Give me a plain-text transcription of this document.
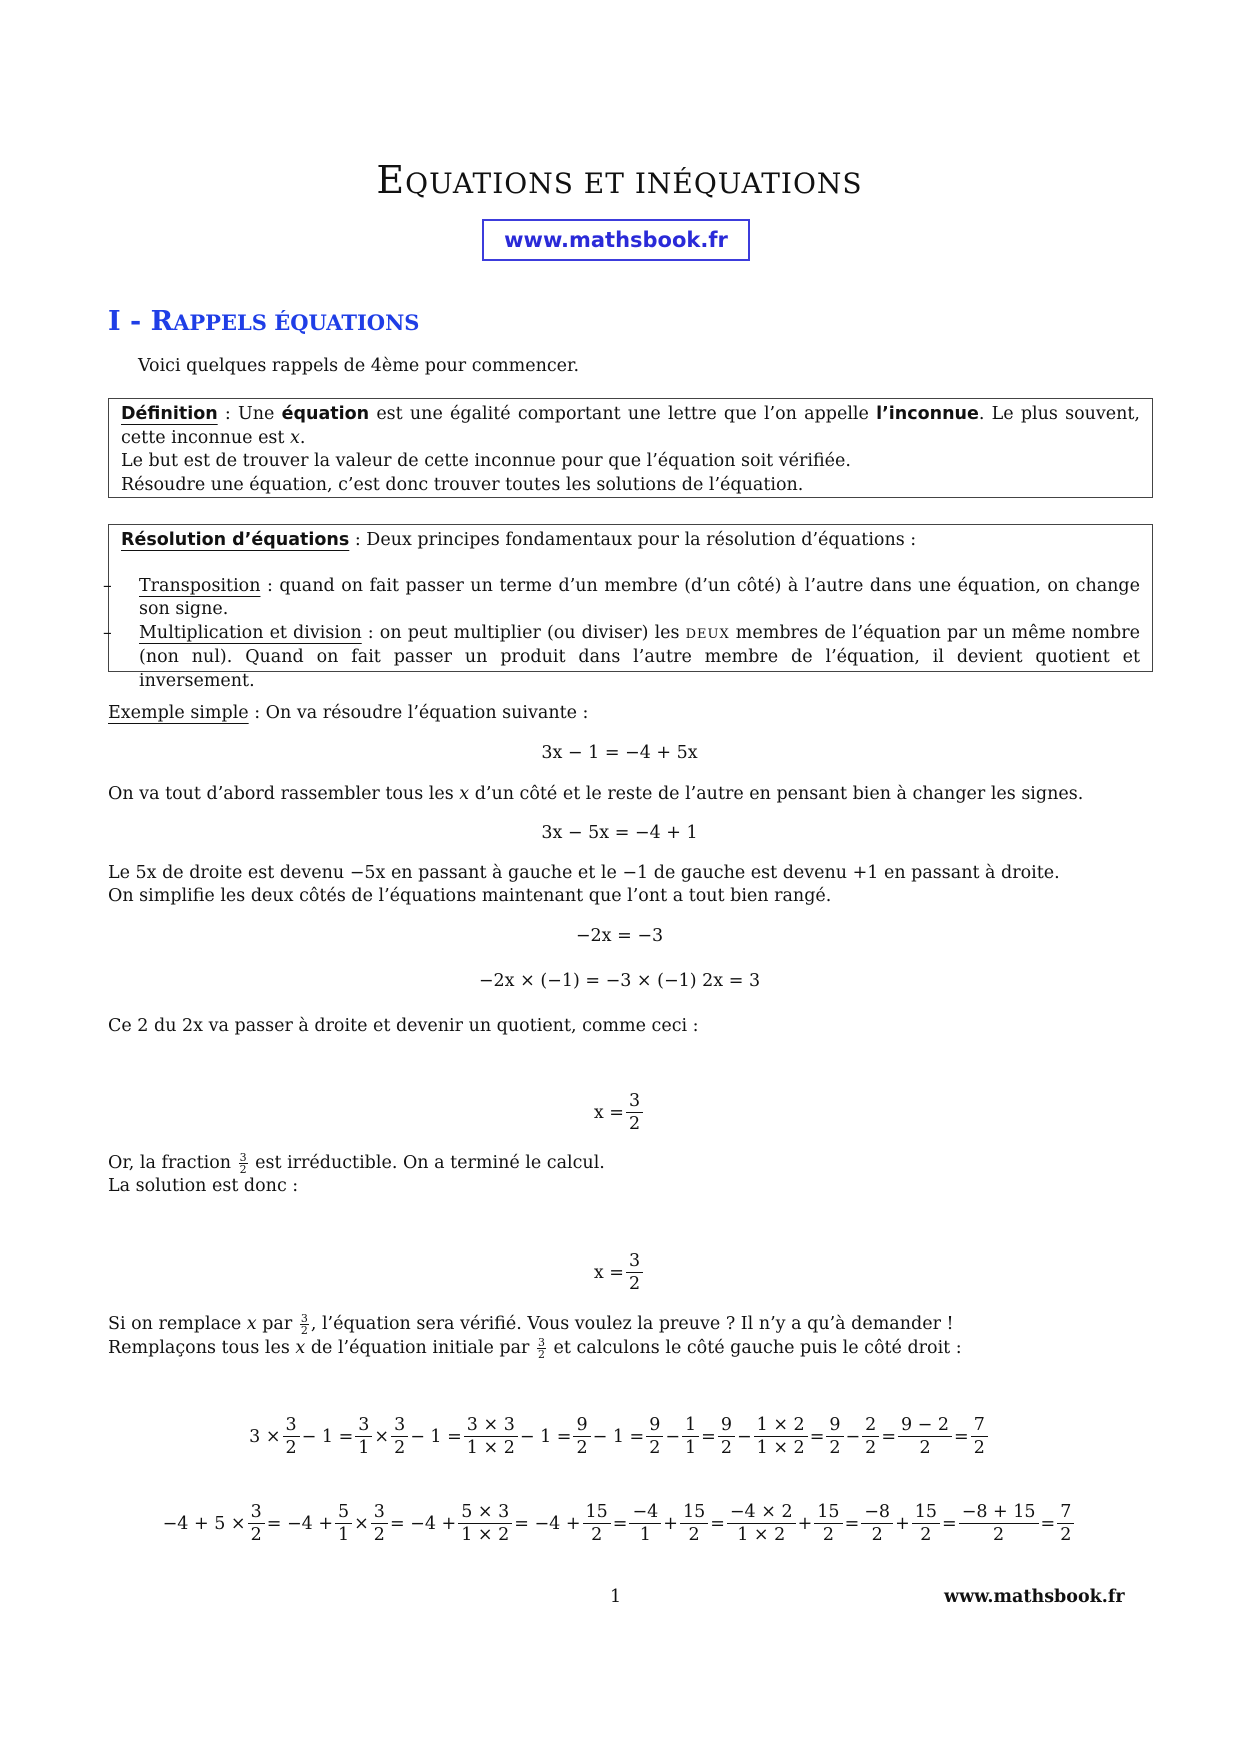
EQUATIONS ET INÉQUATIONS
www.mathsbook.fr
I - RAPPELS ÉQUATIONS
Voici quelques rappels de 4ème pour commencer.
Définition : Une équation est une égalité comportant une lettre que l’on appelle l’inconnue. Le plus souvent, cette inconnue est x.
Le but est de trouver la valeur de cette inconnue pour que l’équation soit vérifiée.
Résoudre une équation, c’est donc trouver toutes les solutions de l’équation.
Résolution d’équations : Deux principes fondamentaux pour la résolution d’équations :
– Transposition : quand on fait passer un terme d’un membre (d’un côté) à l’autre dans une équation, on change son signe.
– Multiplication et division : on peut multiplier (ou diviser) les DEUX membres de l’équation par un même nombre (non nul). Quand on fait passer un produit dans l’autre membre de l’équation, il devient quotient et inversement.
Exemple simple : On va résoudre l’équation suivante :
3x − 1 = −4 + 5x
On va tout d’abord rassembler tous les x d’un côté et le reste de l’autre en pensant bien à changer les signes.
3x − 5x = −4 + 1
Le 5x de droite est devenu −5x en passant à gauche et le −1 de gauche est devenu +1 en passant à droite.
On simplifie les deux côtés de l’équations maintenant que l’ont a tout bien rangé.
−2x = −3
−2x × (−1) = −3 × (−1) 2x = 3
Ce 2 du 2x va passer à droite et devenir un quotient, comme ceci :
$x = \frac{3}{2}$
Or, la fraction $\frac{3}{2}$ est irréductible. On a terminé le calcul.
La solution est donc :
$x = \frac{3}{2}$
Si on remplace x par $\frac{3}{2}$ , l’équation sera vérifié. Vous voulez la preuve ? Il n’y a qu’à demander !
Remplaçons tous les x de l’équation initiale par $\frac{3}{2}$ et calculons le côté gauche puis le côté droit :
$3 \times \frac{3}{2} - 1 = \frac{3}{1} \times \frac{3}{2} - 1 = \frac{3 \times 3}{1 \times 2} - 1 = \frac{9}{2} - 1 = \frac{9}{2} - \frac{1}{1} = \frac{9}{2} - \frac{1 \times 2}{1 \times 2} = \frac{9}{2} - \frac{2}{2} = \frac{9 - 2}{2} = \frac{7}{2}$
$-4 + 5 \times \frac{3}{2} = -4 + \frac{5}{1} \times \frac{3}{2} = -4 + \frac{5 \times 3}{1 \times 2} = -4 + \frac{15}{2} = \frac{-4}{1} + \frac{15}{2} = \frac{-4 \times 2}{1 \times 2} + \frac{15}{2} = \frac{-8}{2} + \frac{15}{2} = \frac{-8 + 15}{2} = \frac{7}{2}$
1	www.mathsbook.fr
